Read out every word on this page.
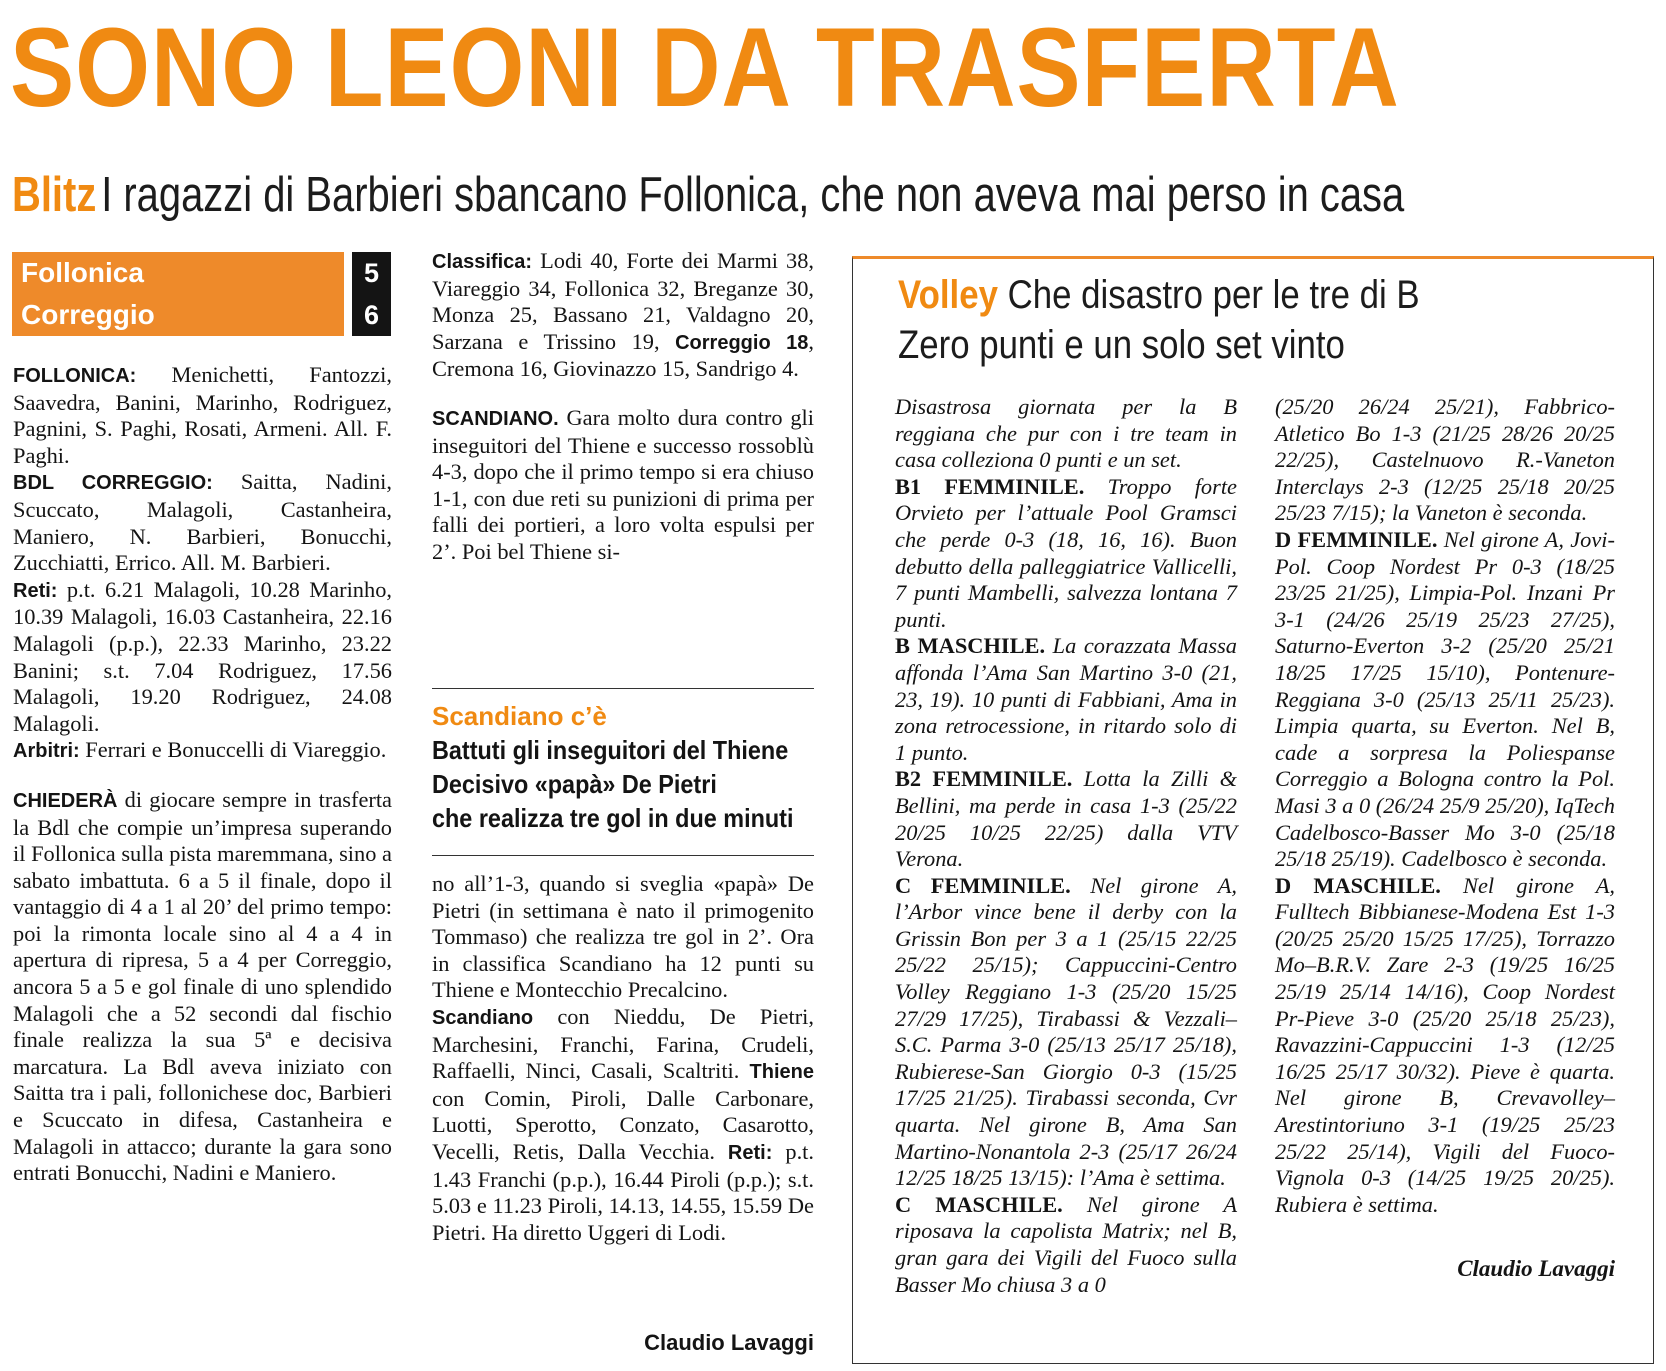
SONO LEONI DA TRASFERTA
BlitzI ragazzi di Barbieri sbancano Follonica, che non aveva mai perso in casa
Follonica
Correggio
5
6

FOLLONICA: Menichetti, Fantozzi, Saavedra, Banini, Marinho, Rodriguez, Pagnini, S. Paghi, Rosati, Armeni. All. F. Paghi.

BDL CORREGGIO: Saitta, Nadini, Scuccato, Malagoli, Castanheira, Maniero, N. Barbieri, Bonucchi, Zucchiatti, Errico. All. M. Barbieri.

Reti: p.t. 6.21 Malagoli, 10.28 Marinho, 10.39 Malagoli, 16.03 Castanheira, 22.16 Malagoli (p.p.), 22.33 Marinho, 23.22 Banini; s.t. 7.04 Rodriguez, 17.56 Malagoli, 19.20 Rodriguez, 24.08 Malagoli.

Arbitri: Ferrari e Bonuccelli di Viareggio.

CHIEDERÀ di giocare sempre in trasferta la Bdl che compie un’impresa superando il Follonica sulla pista maremmana, sino a sabato imbattuta. 6 a 5 il finale, dopo il vantaggio di 4 a 1 al 20’ del primo tempo: poi la rimonta locale sino al 4 a 4 in apertura di ripresa, 5 a 4 per Correggio, ancora 5 a 5 e gol finale di uno splendido Malagoli che a 52 secondi dal fischio finale realizza la sua 5ª e decisiva marcatura. La Bdl aveva iniziato con Saitta tra i pali, follonichese doc, Barbieri e Scuccato in difesa, Castanheira e Malagoli in attacco; durante la gara sono entrati Bonucchi, Nadini e Maniero.

Classifica: Lodi 40, Forte dei Marmi 38, Viareggio 34, Follonica 32, Breganze 30, Monza 25, Bassano 21, Valdagno 20, Sarzana e Trissino 19, Correggio 18, Cremona 16, Giovinazzo 15, Sandrigo 4.

SCANDIANO. Gara molto dura contro gli inseguitori del Thiene e successo rossoblù 4-3, dopo che il primo tempo si era chiuso 1-1, con due reti su punizioni di prima per falli dei portieri, a loro volta espulsi per 2’. Poi bel Thiene si-

Scandiano c’è
Battuti gli inseguitori del Thiene
Decisivo «papà» De Pietri
che realizza tre gol in due minuti

no all’1-3, quando si sveglia «papà» De Pietri (in settimana è nato il primogenito Tommaso) che realizza tre gol in 2’. Ora in classifica Scandiano ha 12 punti su Thiene e Montecchio Precalcino.

Scandiano con Nieddu, De Pietri, Marchesini, Franchi, Farina, Crudeli, Raffaelli, Ninci, Casali, Scaltriti. Thiene con Comin, Piroli, Dalle Carbonare, Luotti, Sperotto, Conzato, Casarotto, Vecelli, Retis, Dalla Vecchia. Reti: p.t. 1.43 Franchi (p.p.), 16.44 Piroli (p.p.); s.t. 5.03 e 11.23 Piroli, 14.13, 14.55, 15.59 De Pietri. Ha diretto Uggeri di Lodi.

Claudio Lavaggi
Volley Che disastro per le tre di B
Zero punti e un solo set vinto

Disastrosa giornata per la B reggiana che pur con i tre team in casa colleziona 0 punti e un set.

B1 FEMMINILE. Troppo forte Orvieto per l’attuale Pool Gramsci che perde 0-3 (18, 16, 16). Buon debutto della palleggiatrice Vallicelli, 7 punti Mambelli, salvezza lontana 7 punti.

B MASCHILE. La corazzata Massa affonda l’Ama San Martino 3-0 (21, 23, 19). 10 punti di Fabbiani, Ama in zona retrocessione, in ritardo solo di 1 punto.

B2 FEMMINILE. Lotta la Zilli & Bellini, ma perde in casa 1-3 (25/22 20/25 10/25 22/25) dalla VTV Verona.

C FEMMINILE. Nel girone A, l’Arbor vince bene il derby con la Grissin Bon per 3 a 1 (25/15 22/25 25/22 25/15); Cappuccini-Centro Volley Reggiano 1-3 (25/20 15/25 27/29 17/25), Tirabassi & Vezzali–S.C. Parma 3-0 (25/13 25/17 25/18), Rubierese-San Giorgio 0-3 (15/25 17/25 21/25). Tirabassi seconda, Cvr quarta. Nel girone B, Ama San Martino-Nonantola 2-3 (25/17 26/24 12/25 18/25 13/15): l’Ama è settima.

C MASCHILE. Nel girone A riposava la capolista Matrix; nel B, gran gara dei Vigili del Fuoco sulla Basser Mo chiusa 3 a 0

(25/20 26/24 25/21), Fabbrico-Atletico Bo 1-3 (21/25 28/26 20/25 22/25), Castelnuovo R.-Vaneton Interclays 2-3 (12/25 25/18 20/25 25/23 7/15); la Vaneton è seconda.

D FEMMINILE. Nel girone A, Jovi-Pol. Coop Nordest Pr 0-3 (18/25 23/25 21/25), Limpia-Pol. Inzani Pr 3-1 (24/26 25/19 25/23 27/25), Saturno-Everton 3-2 (25/20 25/21 18/25 17/25 15/10), Pontenure-Reggiana 3-0 (25/13 25/11 25/23). Limpia quarta, su Everton. Nel B, cade a sorpresa la Poliespanse Correggio a Bologna contro la Pol. Masi 3 a 0 (26/24 25/9 25/20), IqTech Cadelbosco-Basser Mo 3-0 (25/18 25/18 25/19). Cadelbosco è seconda.

D MASCHILE. Nel girone A, Fulltech Bibbianese-Modena Est 1-3 (20/25 25/20 15/25 17/25), Torrazzo Mo–B.R.V. Zare 2-3 (19/25 16/25 25/19 25/14 14/16), Coop Nordest Pr-Pieve 3-0 (25/20 25/18 25/23), Ravazzini-Cappuccini 1-3 (12/25 16/25 25/17 30/32). Pieve è quarta. Nel girone B, Crevavolley–Arestintoriuno 3-1 (19/25 25/23 25/22 25/14), Vigili del Fuoco-Vignola 0-3 (14/25 19/25 20/25). Rubiera è settima.

Claudio Lavaggi
